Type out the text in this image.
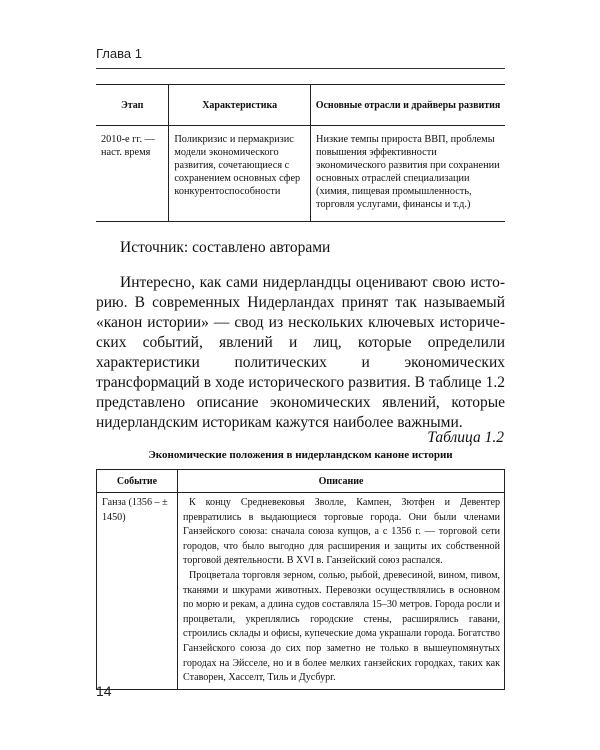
Глава 1
Этап	Характеристика	Основные отрасли и драйверы развития
2010-е гг. — наст. время	Поликризис и пермакризис модели экономического развития, сочетающиеся с сохранением основных сфер конкурентоспособности	Низкие темпы прироста ВВП, проблемы повышения эффективности экономического развития при сохранении основных отраслей специализации (химия, пищевая промышленность, торговля услугами, финансы и т.д.)
Источник: составлено авторами

Интересно, как сами нидерландцы оценивают свою историю. В современных Нидерландах принят так называемый «канон истории» — свод из нескольких ключевых исторических событий, явлений и лиц, которые определили характеристики политических и экономических трансформаций в ходе исторического развития. В таблице 1.2 представлено описание экономических явлений, которые нидерландским историкам кажутся наиболее важными.

Таблица 1.2
Экономические положения в нидерландском каноне истории
Событие	Описание
Ганза (1356 – ± 1450)	К концу Средневековья Зволле, Кампен, Зютфен и Девентер превратились в выдающиеся торговые города. Они были членами Ганзейского союза: сначала союза купцов, а с 1356 г. — торговой сети городов, что было выгодно для расширения и защиты их собственной торговой деятельности. В XVI в. Ганзейский союз распался.
Процветала торговля зерном, солью, рыбой, древесиной, вином, пивом, тканями и шкурами животных. Перевозки осуществлялись в основном по морю и рекам, а длина судов составляла 15–30 метров. Города росли и процветали, укреплялись городские стены, расширялись гавани, строились склады и офисы, купеческие дома украшали города. Богатство Ганзейского союза до сих пор заметно не только в вышеупомянутых городах на Эйсселе, но и в более мелких ганзейских городках, таких как Ставорен, Хасселт, Тиль и Дусбург.
14
